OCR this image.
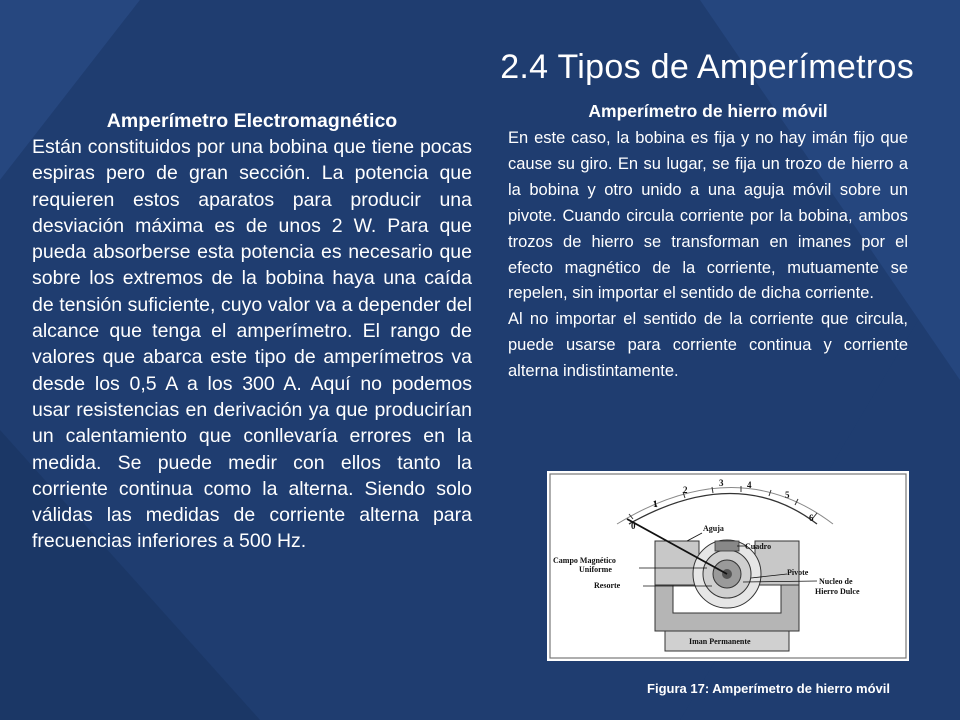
2.4 Tipos de Amperímetros
Amperímetro Electromagnético

Están constituidos por una bobina que tiene pocas espiras pero de gran sección. La potencia que requieren estos aparatos para producir una desviación máxima es de unos 2 W. Para que pueda absorberse esta potencia es necesario que sobre los extremos de la bobina haya una caída de tensión suficiente, cuyo valor va a depender del alcance que tenga el amperímetro. El rango de valores que abarca este tipo de amperímetros va desde los 0,5 A a los 300 A. Aquí no podemos usar resistencias en derivación ya que producirían un calentamiento que conllevaría errores en la medida. Se puede medir con ellos tanto la corriente continua como la alterna. Siendo solo válidas las medidas de corriente alterna para frecuencias inferiores a 500 Hz.

Amperímetro de hierro móvil

En este caso, la bobina es fija y no hay imán fijo que cause su giro. En su lugar, se fija un trozo de hierro a la bobina y otro unido a una aguja móvil sobre un pivote. Cuando circula corriente por la bobina, ambos trozos de hierro se transforman en imanes por el efecto magnético de la corriente, mutuamente se repelen, sin importar el sentido de dicha corriente.

Al no importar el sentido de la corriente que circula, puede usarse para corriente continua y corriente alterna indistintamente.

0
1
2
3	4
5
6
Aguja
Cuadro
Campo Magnético
Uniforme	Pivote
Resorte	Nucleo de
Hierro Dulce
Iman Permanente
Figura 17: Amperímetro de hierro móvil
